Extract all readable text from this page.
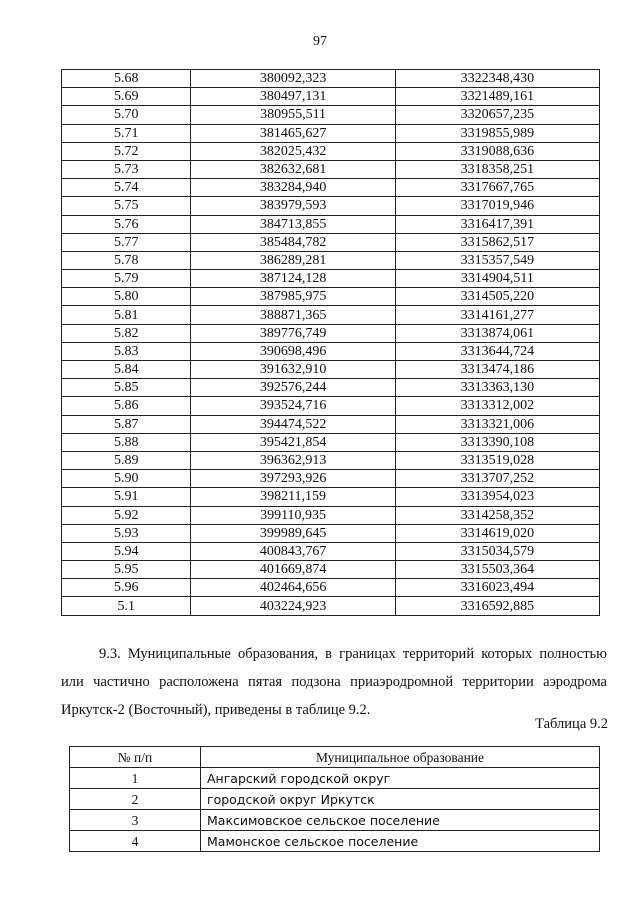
97
5.68	380092,323	3322348,430
5.69	380497,131	3321489,161
5.70	380955,511	3320657,235
5.71	381465,627	3319855,989
5.72	382025,432	3319088,636
5.73	382632,681	3318358,251
5.74	383284,940	3317667,765
5.75	383979,593	3317019,946
5.76	384713,855	3316417,391
5.77	385484,782	3315862,517
5.78	386289,281	3315357,549
5.79	387124,128	3314904,511
5.80	387985,975	3314505,220
5.81	388871,365	3314161,277
5.82	389776,749	3313874,061
5.83	390698,496	3313644,724
5.84	391632,910	3313474,186
5.85	392576,244	3313363,130
5.86	393524,716	3313312,002
5.87	394474,522	3313321,006
5.88	395421,854	3313390,108
5.89	396362,913	3313519,028
5.90	397293,926	3313707,252
5.91	398211,159	3313954,023
5.92	399110,935	3314258,352
5.93	399989,645	3314619,020
5.94	400843,767	3315034,579
5.95	401669,874	3315503,364
5.96	402464,656	3316023,494
5.1	403224,923	3316592,885
9.3. Муниципальные образования, в границах территорий которых полностью или частично расположена пятая подзона приаэродромной территории аэродрома Иркутск-2 (Восточный), приведены в таблице 9.2.
Таблица 9.2
№ п/п	Муниципальное образование
1	Ангарский городской округ
2	городской округ Иркутск
3	Максимовское сельское поселение
4	Мамонское сельское поселение
